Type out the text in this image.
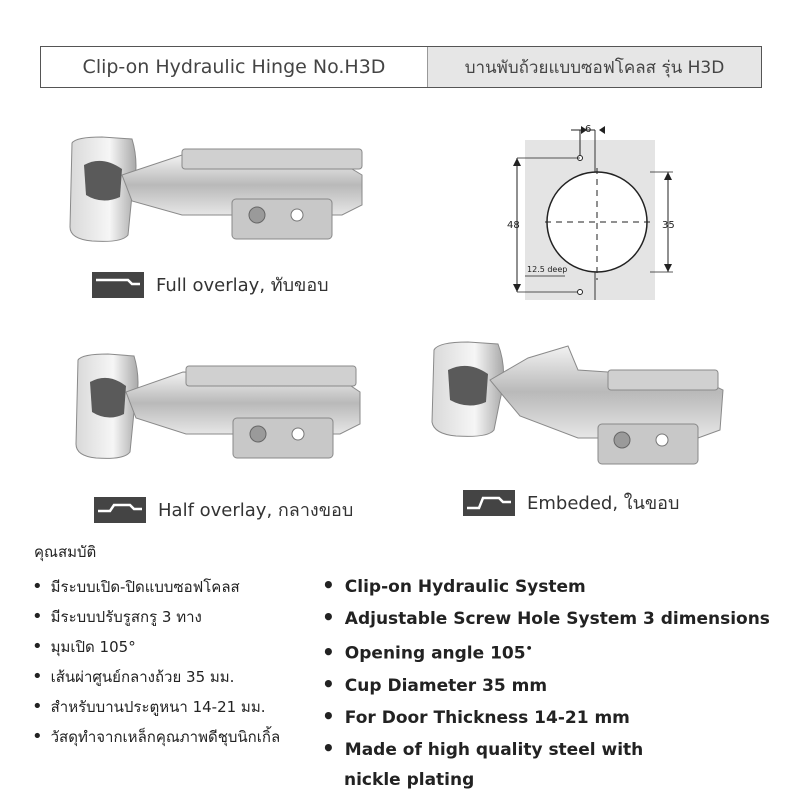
Clip-on Hydraulic Hinge No.H3D	บานพับถ้วยแบบซอฟโคลส รุ่น H3D
Full overlay, ทับขอบ
6
48	35
12.5 deep
Half overlay, กลางขอบ	Embeded, ในขอบ
คุณสมบัติ
• มีระบบเปิด-ปิดแบบซอฟโคลส
• มีระบบปรับรูสกรู 3 ทาง
• มุมเปิด 105°
• เส้นผ่าศูนย์กลางถ้วย 35 มม.
• สำหรับบานประตูหนา 14-21 มม.
• วัสดุทำจากเหล็กคุณภาพดีชุบนิกเกิ้ล
• Clip-on Hydraulic System
• Adjustable Screw Hole System 3 dimensions
• Opening angle 105•
• Cup Diameter 35 mm
• For Door Thickness 14-21 mm
• Made of high quality steel with
nickle plating
